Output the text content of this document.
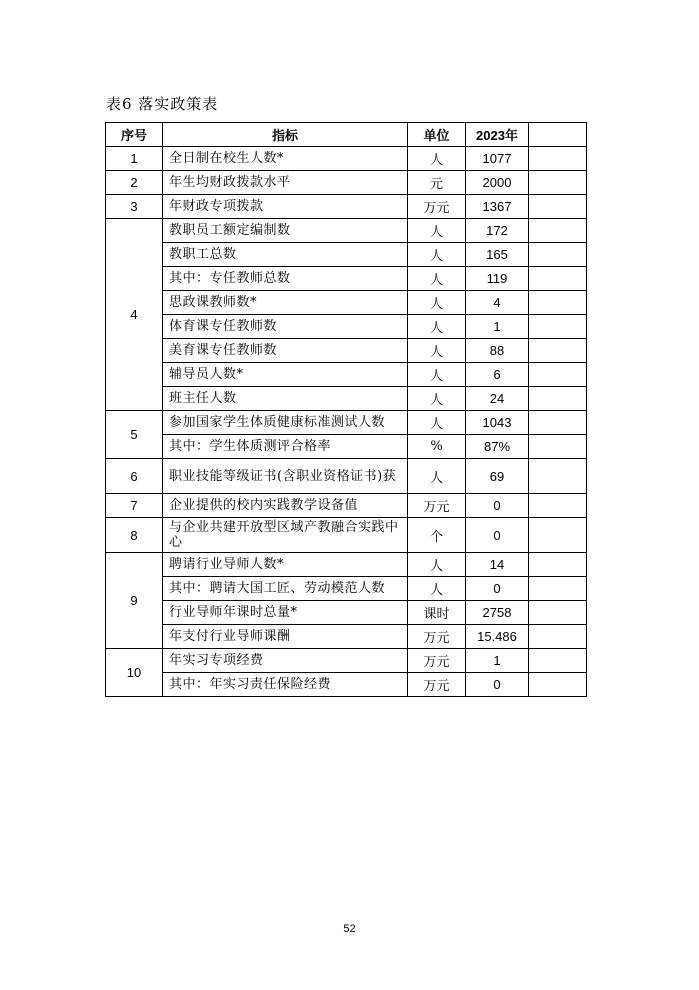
表6 落实政策表
序号	指标	单位	2023年	
1	全日制在校生人数*	人	1077	
2	年生均财政拨款水平	元	2000	
3	年财政专项拨款	万元	1367	
4	教职员工额定编制数	人	172	
	教职工总数	人	165	
	其中：专任教师总数	人	119	
	思政课教师数*	人	4	
	体育课专任教师数	人	1	
	美育课专任教师数	人	88	
	辅导员人数*	人	6	
	班主任人数	人	24	
5	参加国家学生体质健康标准测试人数	人	1043	
	其中：学生体质测评合格率	%	87%	
6	职业技能等级证书(含职业资格证书)获	人	69	
7	企业提供的校内实践教学设备值	万元	0	
8	与企业共建开放型区域产教融合实践中心	个	0	
9	聘请行业导师人数*	人	14	
	其中：聘请大国工匠、劳动模范人数	人	0	
	行业导师年课时总量*	课时	2758	
	年支付行业导师课酬	万元	15.486	
10	年实习专项经费	万元	1	
	其中：年实习责任保险经费	万元	0	
52
